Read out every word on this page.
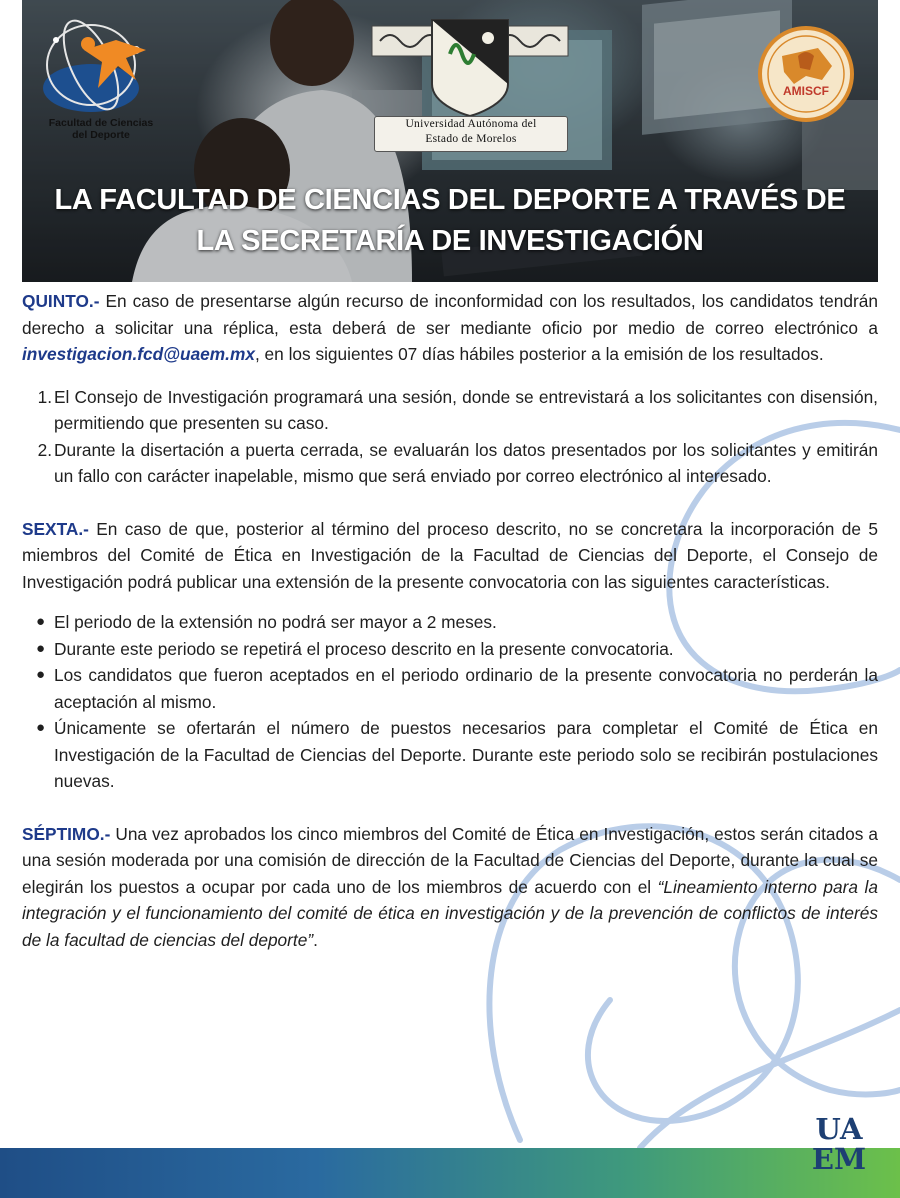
Facultad de Ciencias
del Deporte
Universidad Autónoma del
Estado de Morelos
AMISCF
LA FACULTAD DE CIENCIAS DEL DEPORTE A TRAVÉS DE
LA SECRETARÍA DE INVESTIGACIÓN

QUINTO.- En caso de presentarse algún recurso de inconformidad con los resultados, los candidatos tendrán derecho a solicitar una réplica, esta deberá de ser mediante oficio por medio de correo electrónico a investigacion.fcd@uaem.mx, en los siguientes 07 días hábiles posterior a la emisión de los resultados.

1. El Consejo de Investigación programará una sesión, donde se entrevistará a los solicitantes con disensión, permitiendo que presenten su caso.
2. Durante la disertación a puerta cerrada, se evaluarán los datos presentados por los solicitantes y emitirán un fallo con carácter inapelable, mismo que será enviado por correo electrónico al interesado.

SEXTA.- En caso de que, posterior al término del proceso descrito, no se concretara la incorporación de 5 miembros del Comité de Ética en Investigación de la Facultad de Ciencias del Deporte, el Consejo de Investigación podrá publicar una extensión de la presente convocatoria con las siguientes características.

● El periodo de la extensión no podrá ser mayor a 2 meses.
● Durante este periodo se repetirá el proceso descrito en la presente convocatoria.
● Los candidatos que fueron aceptados en el periodo ordinario de la presente convocatoria no perderán la aceptación al mismo.
● Únicamente se ofertarán el número de puestos necesarios para completar el Comité de Ética en Investigación de la Facultad de Ciencias del Deporte. Durante este periodo solo se recibirán postulaciones nuevas.

SÉPTIMO.- Una vez aprobados los cinco miembros del Comité de Ética en Investigación, estos serán citados a una sesión moderada por una comisión de dirección de la Facultad de Ciencias del Deporte, durante la cual se elegirán los puestos a ocupar por cada uno de los miembros de acuerdo con el “Lineamiento interno para la integración y el funcionamiento del comité de ética en investigación y de la prevención de conflictos de interés de la facultad de ciencias del deporte”.

UA
EM
